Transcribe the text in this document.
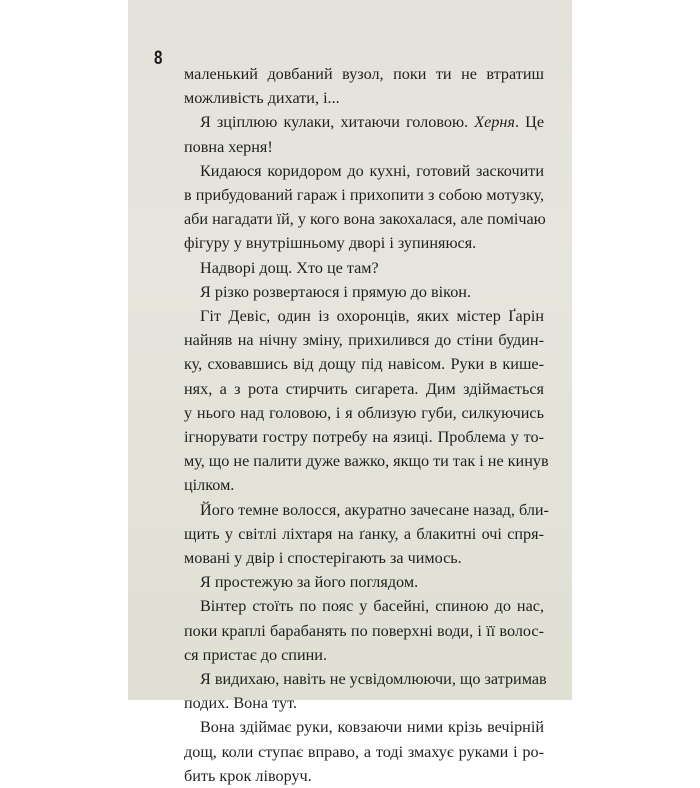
8
маленький довбаний вузол, поки ти не втратиш
можливість дихати, і...
Я зціплюю кулаки, хитаючи головою. Херня. Це
повна херня!
Кидаюся коридором до кухні, готовий заскочити
в прибудований гараж і прихопити з собою мотузку,
аби нагадати їй, у кого вона закохалася, але помічаю
фігуру у внутрішньому дворі і зупиняюся.
Надворі дощ. Хто це там?
Я різко розвертаюся і прямую до вікон.
Гіт Девіс, один із охоронців, яких містер Ґарін
найняв на нічну зміну, прихилився до стіни будин-
ку, сховавшись від дощу під навісом. Руки в кише-
нях, а з рота стирчить сигарета. Дим здіймається
у нього над головою, і я облизую губи, силкуючись
ігнорувати гостру потребу на язиці. Проблема у то-
му, що не палити дуже важко, якщо ти так і не кинув
цілком.
Його темне волосся, акуратно зачесане назад, бли-
щить у світлі ліхтаря на ґанку, а блакитні очі спря-
мовані у двір і спостерігають за чимось.
Я простежую за його поглядом.
Вінтер стоїть по пояс у басейні, спиною до нас,
поки краплі барабанять по поверхні води, і її волос-
ся пристає до спини.
Я видихаю, навіть не усвідомлюючи, що затримав
подих. Вона тут.
Вона здіймає руки, ковзаючи ними крізь вечірній
дощ, коли ступає вправо, а тоді змахує руками і ро-
бить крок ліворуч.
